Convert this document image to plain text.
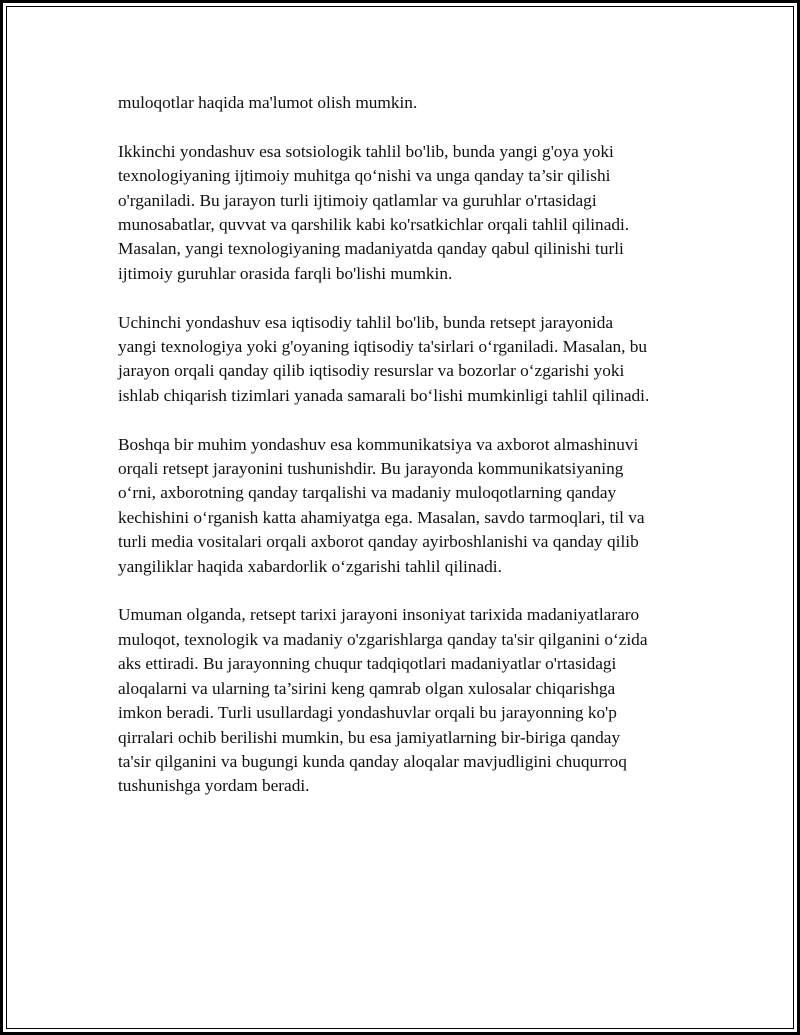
muloqotlar haqida ma'lumot olish mumkin.

Ikkinchi yondashuv esa sotsiologik tahlil bo'lib, bunda yangi g'oya yoki
texnologiyaning ijtimoiy muhitga qo‘nishi va unga qanday ta’sir qilishi
o'rganiladi. Bu jarayon turli ijtimoiy qatlamlar va guruhlar o'rtasidagi
munosabatlar, quvvat va qarshilik kabi ko'rsatkichlar orqali tahlil qilinadi.
Masalan, yangi texnologiyaning madaniyatda qanday qabul qilinishi turli
ijtimoiy guruhlar orasida farqli bo'lishi mumkin.

Uchinchi yondashuv esa iqtisodiy tahlil bo'lib, bunda retsept jarayonida
yangi texnologiya yoki g'oyaning iqtisodiy ta'sirlari o‘rganiladi. Masalan, bu
jarayon orqali qanday qilib iqtisodiy resurslar va bozorlar o‘zgarishi yoki
ishlab chiqarish tizimlari yanada samarali bo‘lishi mumkinligi tahlil qilinadi.

Boshqa bir muhim yondashuv esa kommunikatsiya va axborot almashinuvi
orqali retsept jarayonini tushunishdir. Bu jarayonda kommunikatsiyaning
o‘rni, axborotning qanday tarqalishi va madaniy muloqotlarning qanday
kechishini o‘rganish katta ahamiyatga ega. Masalan, savdo tarmoqlari, til va
turli media vositalari orqali axborot qanday ayirboshlanishi va qanday qilib
yangiliklar haqida xabardorlik o‘zgarishi tahlil qilinadi.

Umuman olganda, retsept tarixi jarayoni insoniyat tarixida madaniyatlararo
muloqot, texnologik va madaniy o'zgarishlarga qanday ta'sir qilganini o‘zida
aks ettiradi. Bu jarayonning chuqur tadqiqotlari madaniyatlar o'rtasidagi
aloqalarni va ularning ta’sirini keng qamrab olgan xulosalar chiqarishga
imkon beradi. Turli usullardagi yondashuvlar orqali bu jarayonning ko'p
qirralari ochib berilishi mumkin, bu esa jamiyatlarning bir-biriga qanday
ta'sir qilganini va bugungi kunda qanday aloqalar mavjudligini chuqurroq
tushunishga yordam beradi.
